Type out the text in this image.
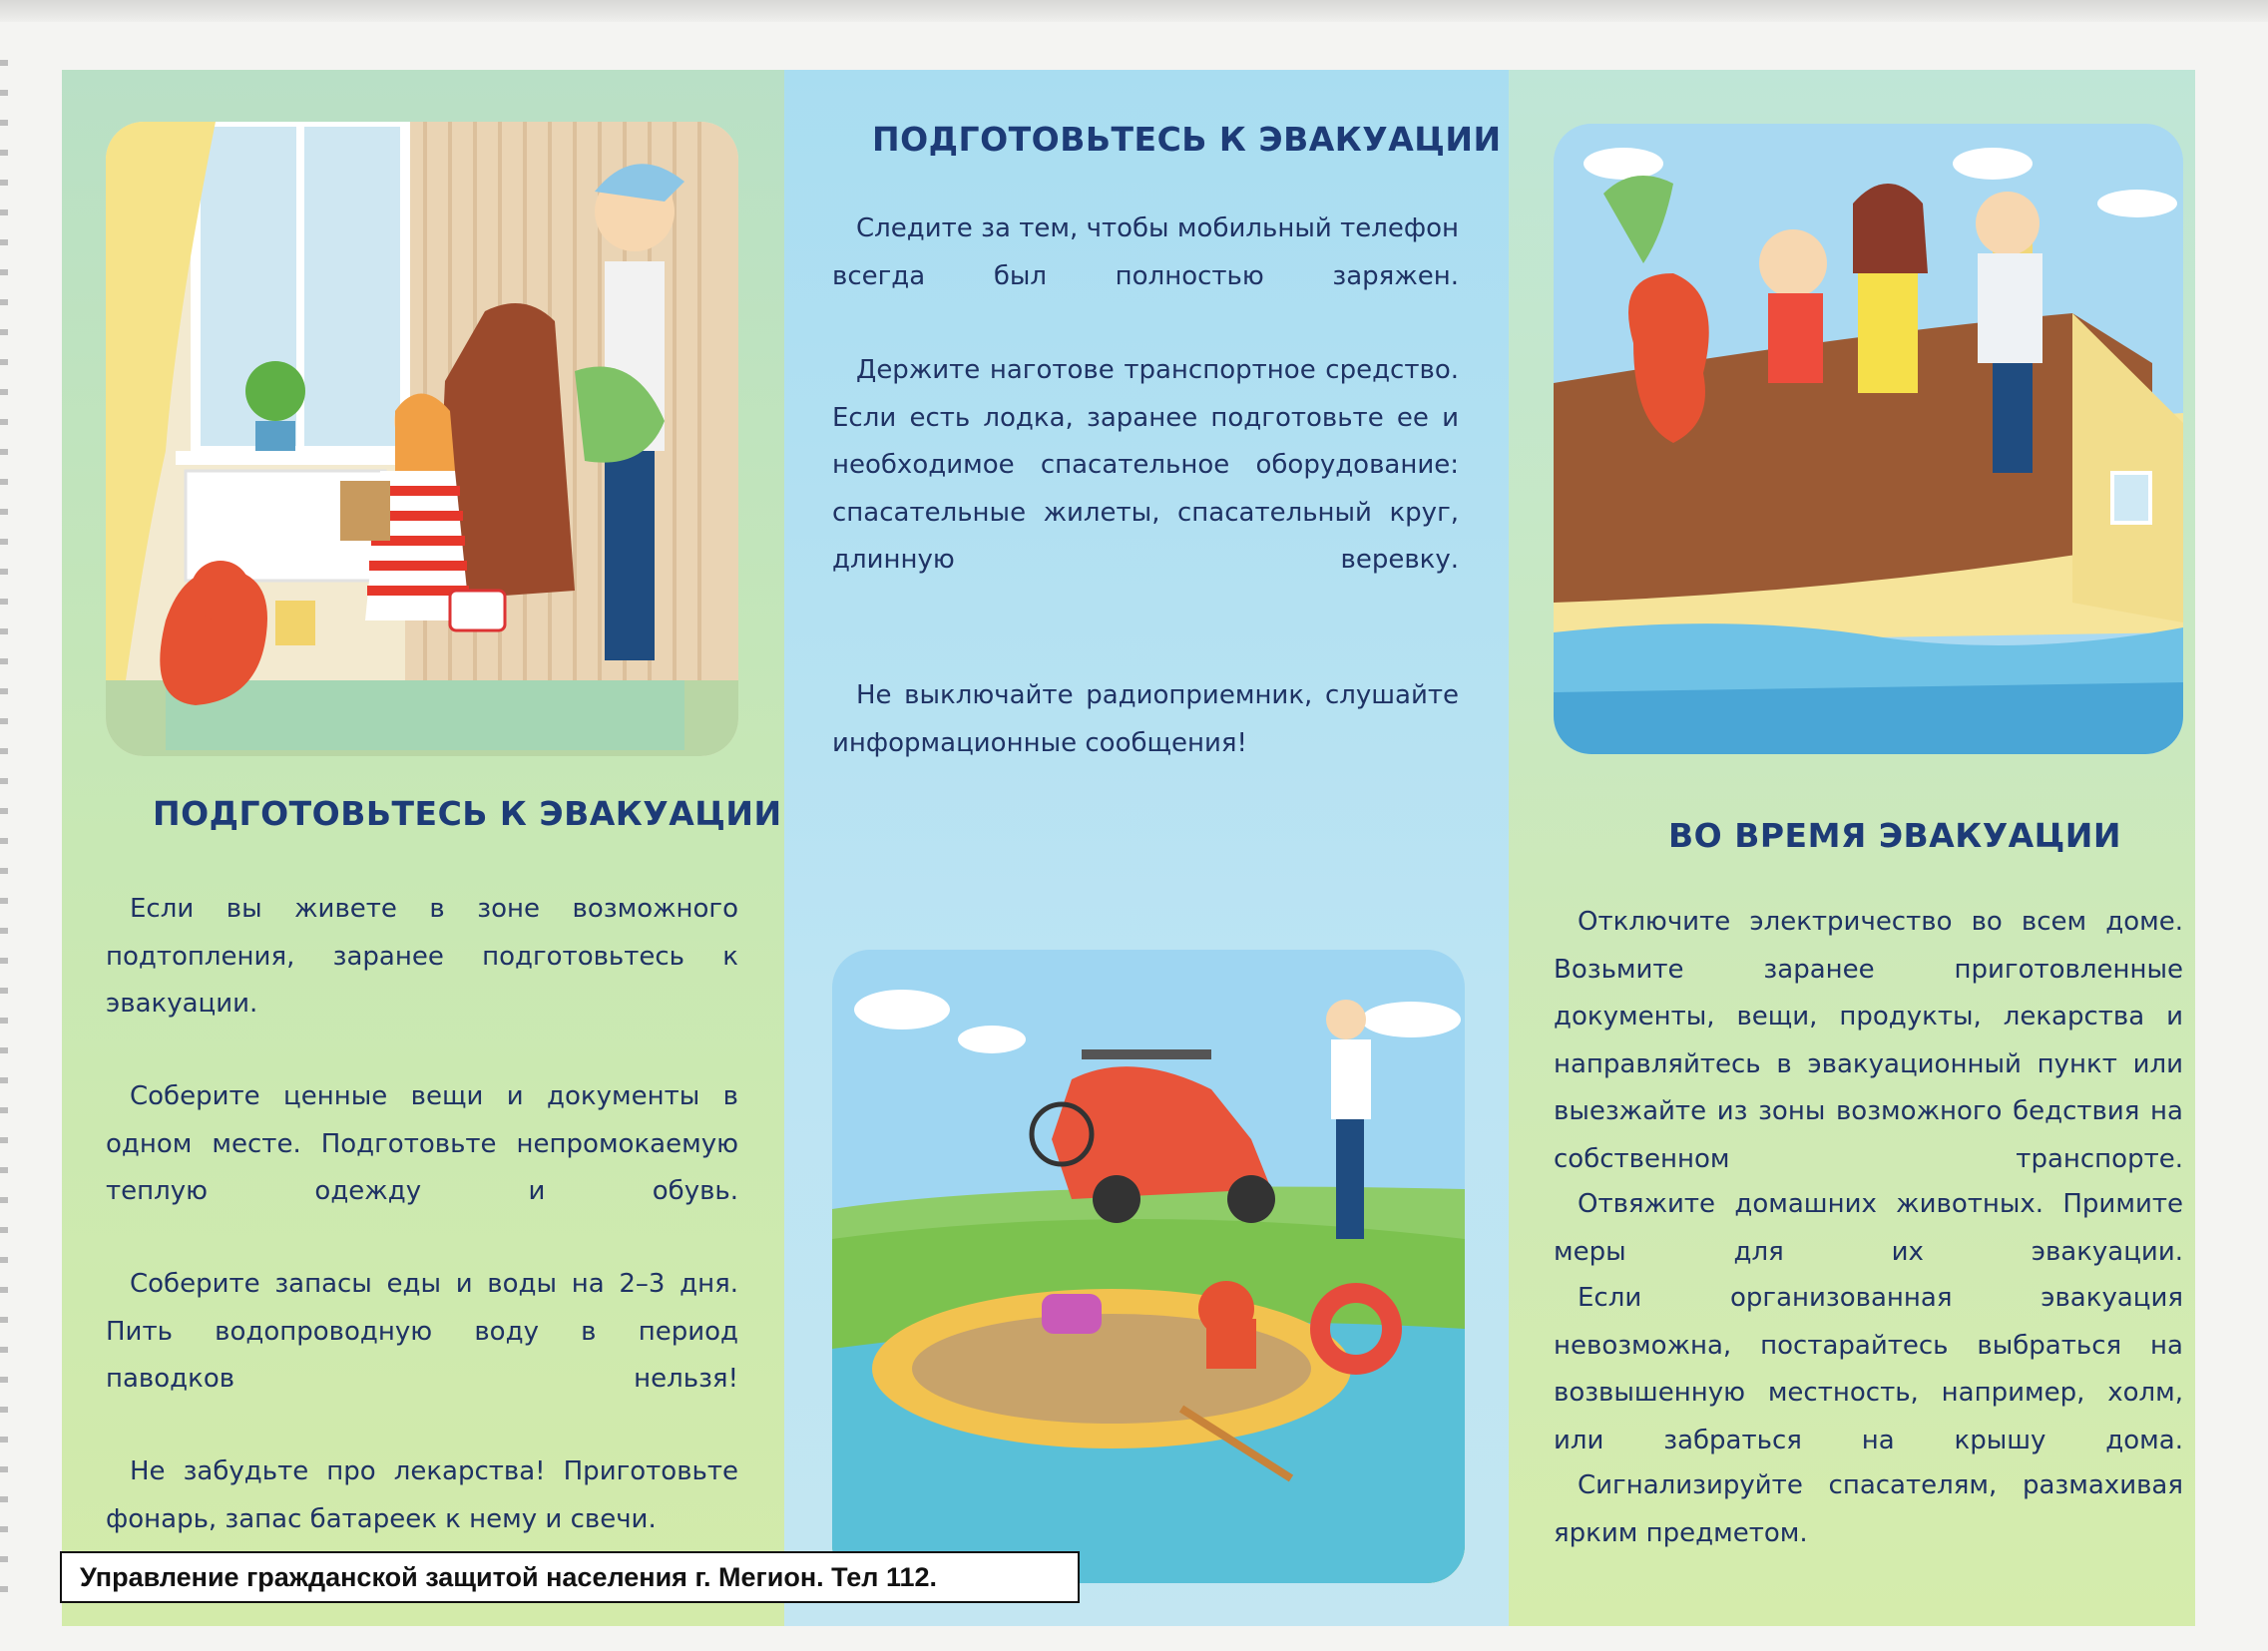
ПОДГОТОВЬТЕСЬ К ЭВАКУАЦИИ

Если вы живете в зоне возможного подтопления, заранее подготовьтесь к эвакуации.

Соберите ценные вещи и документы в одном месте. Подготовьте непромокаемую теплую одежду и обувь.

Соберите запасы еды и воды на 2–3 дня. Пить водопроводную воду в период паводков нельзя!

Не забудьте про лекарства! Приготовьте фонарь, запас батареек к нему и свечи.

ПОДГОТОВЬТЕСЬ К ЭВАКУАЦИИ

Следите за тем, чтобы мобильный телефон всегда был полностью заряжен.

Держите наготове транспортное средство. Если есть лодка, заранее подготовьте ее и необходимое спасательное оборудование: спасательные жилеты, спасательный круг, длинную веревку.

Не выключайте радиоприемник, слушайте информационные сообщения!

ВО ВРЕМЯ ЭВАКУАЦИИ

Отключите электричество во всем доме. Возьмите заранее приготовленные документы, вещи, продукты, лекарства и направляйтесь в эвакуационный пункт или выезжайте из зоны возможного бедствия на собственном транспорте.

Отвяжите домашних животных. Примите меры для их эвакуации.

Если организованная эвакуация невозможна, постарайтесь выбраться на возвышенную местность, например, холм, или забраться на крышу дома.

Сигнализируйте спасателям, размахивая ярким предметом.

Управление гражданской защитой населения г. Мегион. Тел 112.
